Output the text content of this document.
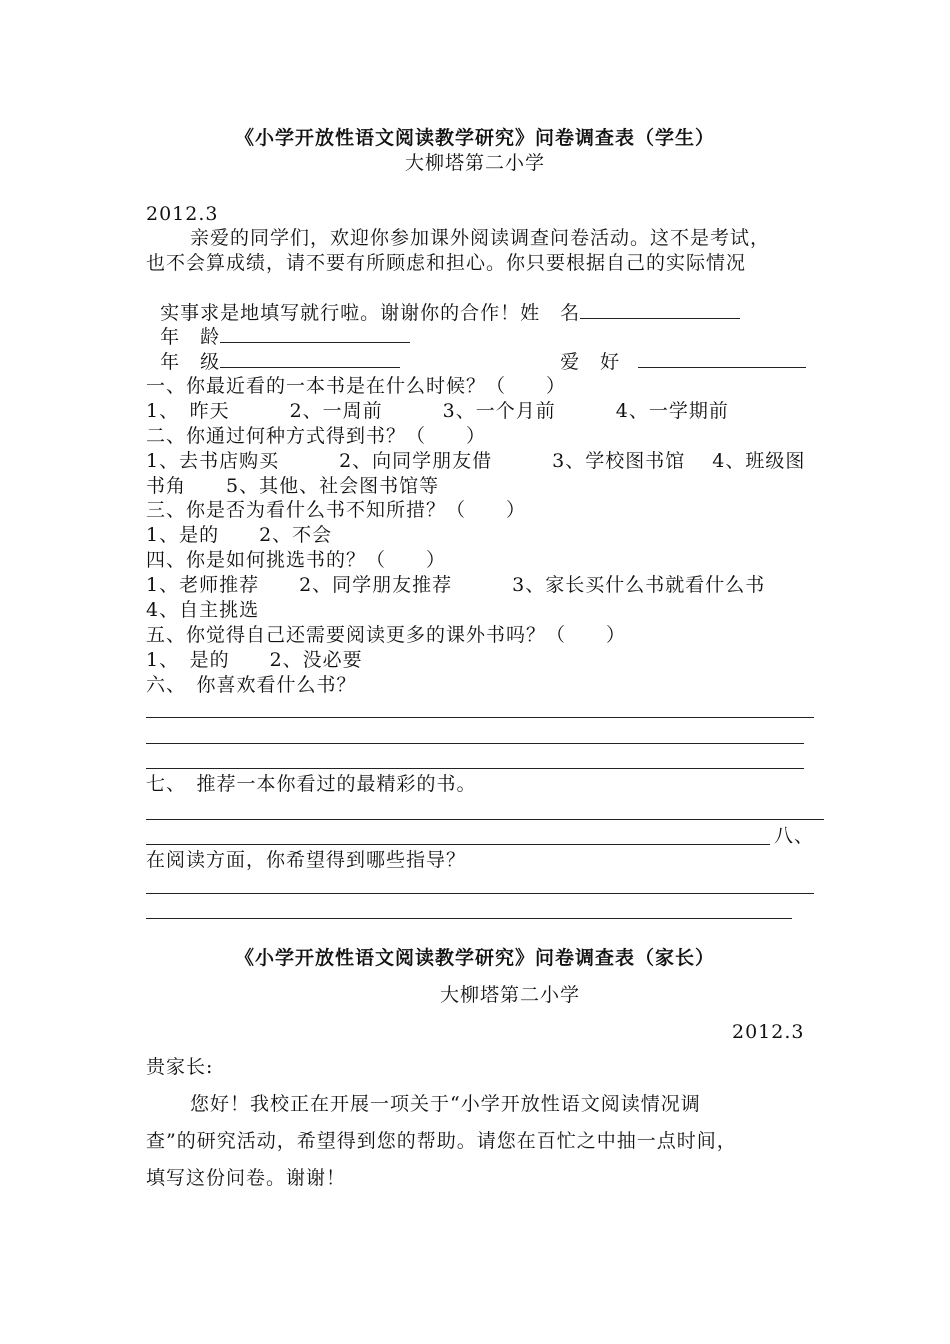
《小学开放性语文阅读教学研究》问卷调查表（学生）
大柳塔第二小学
2012.3
亲爱的同学们，欢迎你参加课外阅读调查问卷活动。这不是考试，
也不会算成绩，请不要有所顾虑和担心。你只要根据自己的实际情况

实事求是地填写就行啦。谢谢你的合作！姓　名

年　龄

年　级	爱　好

一、你最近看的一本书是在什么时候？（　　）
1、　昨天　　　2、一周前　　　3、一个月前　　　4、一学期前
二、你通过何种方式得到书？（　　）
1、去书店购买　　　2、向同学朋友借　　　3、学校图书馆　 4、班级图
书角　　5、其他、社会图书馆等
三、你是否为看什么书不知所措？（　　）
1、是的　　2、不会
四、你是如何挑选书的？（　　）
1、老师推荐　　2、同学朋友推荐　　　3、家长买什么书就看什么书
4、自主挑选
五、你觉得自己还需要阅读更多的课外书吗？（　　）
1、　是的　　2、没必要
六、　你喜欢看什么书？
七、　推荐一本你看过的最精彩的书。
八、
在阅读方面，你希望得到哪些指导？
《小学开放性语文阅读教学研究》问卷调查表（家长）
大柳塔第二小学
2012.3
贵家长:
您好！我校正在开展一项关于“小学开放性语文阅读情况调
查”的研究活动，希望得到您的帮助。请您在百忙之中抽一点时间，
填写这份问卷。谢谢！
